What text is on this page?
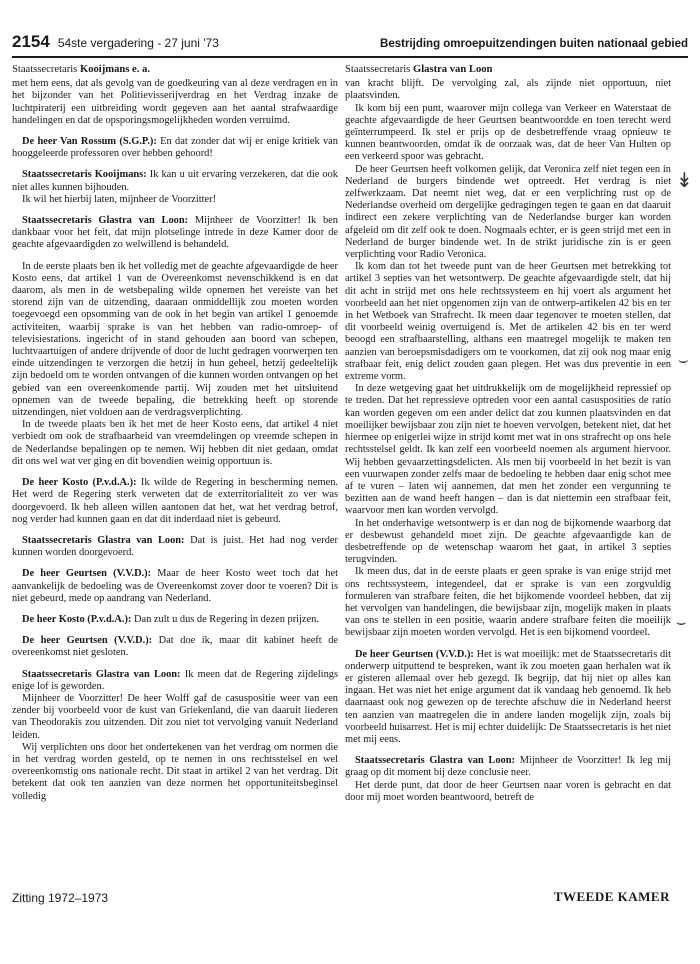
2154 54ste vergadering - 27 juni '73	Bestrijding omroepuitzendingen buiten nationaal gebied
Staatssecretaris Kooijmans e. a.

met hem eens, dat als gevolg van de goedkeuring van al deze verdragen en in het bijzonder van het Politievisserijverdrag en het Verdrag inzake de luchtpiraterij een uitbreiding wordt gegeven aan het aantal strafwaardige handelingen en dat de opsporingsmogelijkheden worden verruimd.

De heer Van Rossum (S.G.P.): En dat zonder dat wij er enige kritiek van hooggeleerde professoren over hebben gehoord!

Staatssecretaris Kooijmans: Ik kan u uit ervaring verzekeren, dat die ook niet alles kunnen bijhouden.

Ik wil het hierbij laten, mijnheer de Voorzitter!

Staatssecretaris Glastra van Loon: Mijnheer de Voorzitter! Ik ben dankbaar voor het feit, dat mijn plotselinge intrede in deze Kamer door de geachte afgevaardigden zo welwillend is behandeld.

In de eerste plaats ben ik het volledig met de geachte afgevaardigde de heer Kosto eens, dat artikel 1 van de Overeenkomst nevenschikkend is en dat daarom, als men in de wetsbepaling wilde opnemen het vereiste van het storend zijn van de uitzending, daaraan onmiddellijk zou moeten worden toegevoegd een opsomming van de ook in het begin van artikel 1 genoemde activiteiten, waarbij sprake is van het hebben van radio-omroep- of televisiestations. ingericht of in stand gehouden aan boord van schepen, luchtvaartuigen of andere drijvende of door de lucht gedragen voorwerpen ten einde uitzendingen te verzorgen die hetzij in hun geheel, hetzij gedeeltelijk zijn bedoeld om te worden ontvangen of die kunnen worden ontvangen op het gebied van een overeenkomende partij. Wij zouden met het uitsluitend opnemen van de tweede bepaling, die betrekking heeft op storende uitzendingen, niet voldoen aan de verdragsverplichting.

In de tweede plaats ben ik het met de heer Kosto eens, dat artikel 4 niet verbiedt om ook de strafbaarheid van vreemdelingen op vreemde schepen in de Nederlandse bepalingen op te nemen. Wij hebben dit niet gedaan, omdat dit ons wel wat ver ging en dit bovendien weinig opportuun is.

De heer Kosto (P.v.d.A.): Ik wilde de Regering in bescherming nemen. Het werd de Regering sterk verweten dat de exterritorialiteit zo ver was doorgevoerd. Ik heb alleen willen aantonen dat het, wat het verdrag betrof, nog verder had kunnen gaan en dat dit inderdaad niet is gebeurd.

Staatssecretaris Glastra van Loon: Dat is juist. Het had nog verder kunnen worden doorgevoerd.

De heer Geurtsen (V.V.D.): Maar de heer Kosto weet toch dat het aanvankelijk de bedoeling was de Overeenkomst zover door te voeren? Dit is niet gebeurd, mede op aandrang van Nederland.

De heer Kosto (P.v.d.A.): Dan zult u dus de Regering in dezen prijzen.

De heer Geurtsen (V.V.D.): Dat doe ik, maar dit kabinet heeft de overeenkomst niet gesloten.

Staatssecretaris Glastra van Loon: Ik meen dat de Regering zijdelings enige lof is geworden.

Mijnheer de Voorzitter! De heer Wolff gaf de casuspositie weer van een zender bij voorbeeld voor de kust van Griekenland, die van daaruit liederen van Theodorakis zou uitzenden. Dit zou niet tot vervolging vanuit Nederland leiden.

Wij verplichten ons door het ondertekenen van het verdrag om normen die in het verdrag worden gesteld, op te nemen in ons rechtsstelsel en wel overeenkomstig ons nationale recht. Dit staat in artikel 2 van het verdrag. Dit betekent dat ook ten aanzien van deze normen het opportuniteitsbeginsel volledig

Staatssecretaris Glastra van Loon

van kracht blijft. De vervolging zal, als zijnde niet opportuun, niet plaatsvinden.

Ik kom bij een punt, waarover mijn collega van Verkeer en Waterstaat de geachte afgevaardigde de heer Geurtsen beantwoordde en toen terecht werd geïnterrumpeerd. Ik stel er prijs op de desbetreffende vraag opnieuw te kunnen beantwoorden, omdat ik de oorzaak was, dat de heer Van Hulten op een verkeerd spoor was gebracht.

De heer Geurtsen heeft volkomen gelijk, dat Veronica zelf niet tegen een in Nederland de burgers bindende wet optreedt. Het verdrag is niet zelfwerkzaam. Dat neemt niet weg, dat er een verplichting rust op de Nederlandse overheid om dergelijke gedragingen tegen te gaan en dat daaruit indirect een zekere verplichting van de Nederlandse burger kan worden afgeleid om dit zelf ook te doen. Nogmaals echter, er is geen strijd met een in Nederland de burger bindende wet. In de strikt juridische zin is er geen verplichting voor Radio Veronica.

Ik kom dan tot het tweede punt van de heer Geurtsen met betrekking tot artikel 3 septies van het wetsontwerp. De geachte afgevaardigde stelt, dat hij dit acht in strijd met ons hele rechtssysteem en hij voert als argument het voorbeeld aan het niet opgenomen zijn van de ontwerp-artikelen 42 bis en ter in het Wetboek van Strafrecht. Ik meen daar tegenover te moeten stellen, dat dit voorbeeld weinig overtuigend is. Met de artikelen 42 bis en ter werd beoogd een strafbaarstelling, althans een maatregel mogelijk te maken ten aanzien van beroepsmisdadigers om te voorkomen, dat zij ook nog maar enig strafbaar feit, enig delict zouden gaan plegen. Het was dus preventie in een extreme vorm.

In deze wetgeving gaat het uitdrukkelijk om de mogelijkheid repressief op te treden. Dat het repressieve optreden voor een aantal casusposities de ratio kan worden gegeven om een ander delict dat zou kunnen plaatsvinden en dat moeilijker bewijsbaar zou zijn niet te hoeven vervolgen, betekent niet, dat het hiermee op enigerlei wijze in strijd komt met wat in ons strafrecht op ons hele rechtsstelsel geldt. Ik kan zelf een voorbeeld noemen als argument hiervoor. Wij hebben gevaarzettingsdelicten. Als men bij voorbeeld in het bezit is van een vuurwapen zonder zelfs maar de bedoeling te hebben daar enig schot mee af te vuren – laten wij aannemen, dat men het zonder een vergunning te bezitten aan de wand heeft hangen – dan is dat niettemin een strafbaar feit, waarvoor men kan worden vervolgd.

In het onderhavige wetsontwerp is er dan nog de bijkomende waarborg dat er desbewust gehandeld moet zijn. De geachte afgevaardigde kan de desbetreffende op de wetenschap waarom het gaat, in artikel 3 septies terugvinden.

Ik meen dus, dat in de eerste plaats er geen sprake is van enige strijd met ons rechtssysteem, integendeel, dat er sprake is van een zorgvuldig formuleren van strafbare feiten, die het bijkomende voordeel hebben, dat zij het vervolgen van handelingen, die bewijsbaar zijn, mogelijk maken in plaats van ons te stellen in een positie, waarin andere strafbare feiten die moeilijk bewijsbaar zijn moeten worden vervolgd. Het is een bijkomend voordeel.

De heer Geurtsen (V.V.D.): Het is wat moeilijk: met de Staatssecretaris dit onderwerp uitputtend te bespreken, want ik zou moeten gaan herhalen wat ik er gisteren allemaal over heb gezegd. Ik begrijp, dat hij niet op alles kan ingaan. Het was niet het enige argument dat ik vandaag heb genoemd. Ik heb daarnaast ook nog gewezen op de terechte afschuw die in Nederland heerst ten aanzien van maatregelen die in andere landen mogelijk zijn, zoals bij voorbeeld huisarrest. Het is mij echter duidelijk: De Staatssecretaris is het niet met mij eens.

Staatssecretaris Glastra van Loon: Mijnheer de Voorzitter! Ik leg mij graag op dit moment bij deze conclusie neer.

Het derde punt, dat door de heer Geurtsen naar voren is gebracht en dat door mij moet worden beantwoord, betreft de

↡
⌣
⌣
Zitting 1972–1973	TWEEDE KAMER
